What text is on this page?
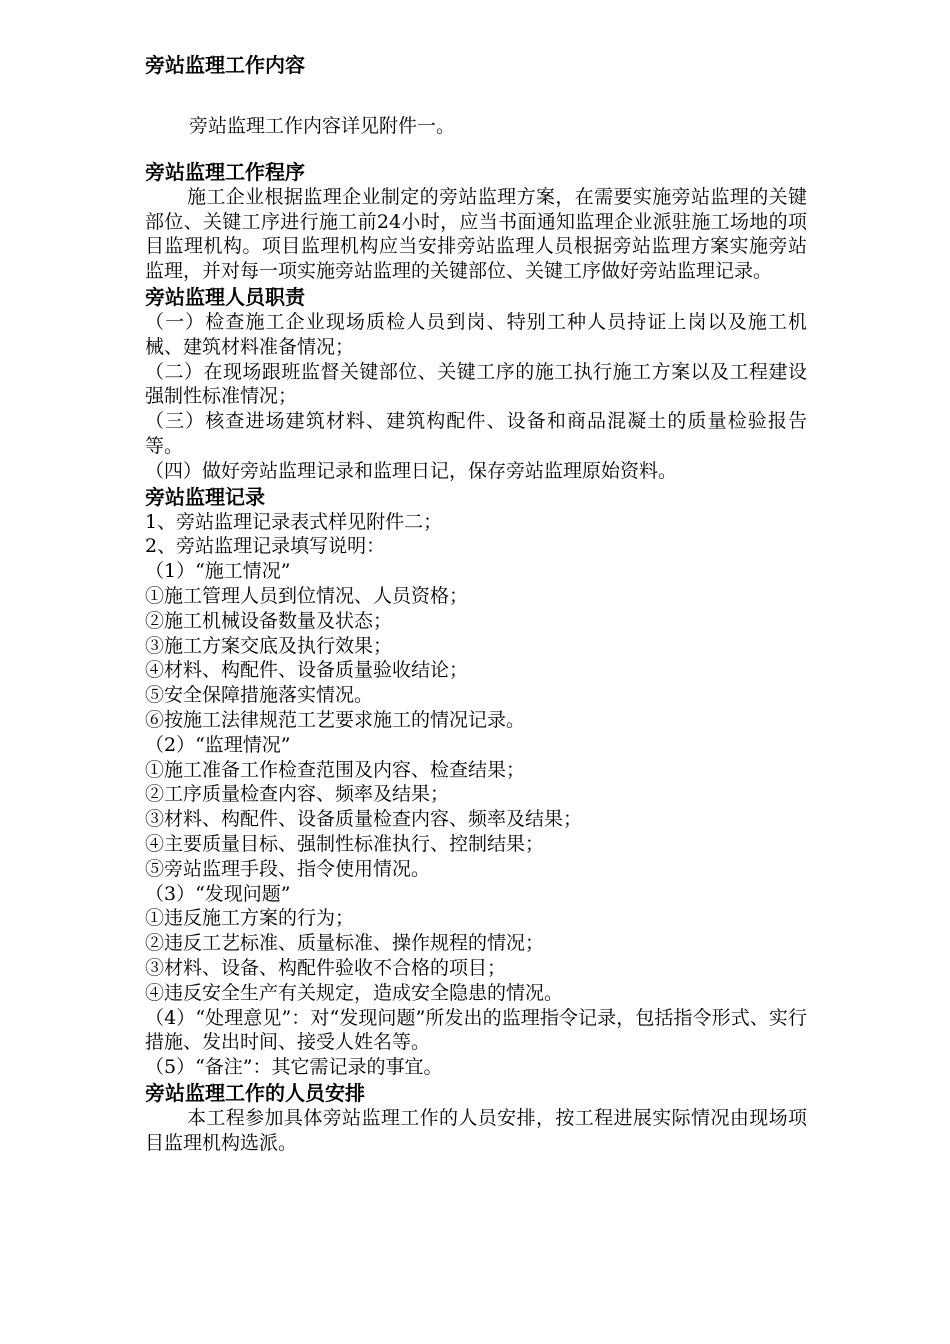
旁站监理工作内容
旁站监理工作内容详见附件一。
旁站监理工作程序
施工企业根据监理企业制定的旁站监理方案，在需要实施旁站监理的关键部位、关键工序进行施工前24小时，应当书面通知监理企业派驻施工场地的项目监理机构。项目监理机构应当安排旁站监理人员根据旁站监理方案实施旁站监理，并对每一项实施旁站监理的关键部位、关键工序做好旁站监理记录。
旁站监理人员职责
（一）检查施工企业现场质检人员到岗、特别工种人员持证上岗以及施工机械、建筑材料准备情况；
（二）在现场跟班监督关键部位、关键工序的施工执行施工方案以及工程建设强制性标准情况；
（三）核查进场建筑材料、建筑构配件、设备和商品混凝土的质量检验报告等。
（四）做好旁站监理记录和监理日记，保存旁站监理原始资料。
旁站监理记录
1、旁站监理记录表式样见附件二；
2、旁站监理记录填写说明：
（1）“施工情况”
①施工管理人员到位情况、人员资格；
②施工机械设备数量及状态；
③施工方案交底及执行效果；
④材料、构配件、设备质量验收结论；
⑤安全保障措施落实情况。
⑥按施工法律规范工艺要求施工的情况记录。
（2）“监理情况”
①施工准备工作检查范围及内容、检查结果；
②工序质量检查内容、频率及结果；
③材料、构配件、设备质量检查内容、频率及结果；
④主要质量目标、强制性标准执行、控制结果；
⑤旁站监理手段、指令使用情况。
（3）“发现问题”
①违反施工方案的行为；
②违反工艺标准、质量标准、操作规程的情况；
③材料、设备、构配件验收不合格的项目；
④违反安全生产有关规定，造成安全隐患的情况。
（4）“处理意见”：对“发现问题”所发出的监理指令记录，包括指令形式、实行措施、发出时间、接受人姓名等。
（5）“备注”：其它需记录的事宜。
旁站监理工作的人员安排
本工程参加具体旁站监理工作的人员安排，按工程进展实际情况由现场项目监理机构选派。
